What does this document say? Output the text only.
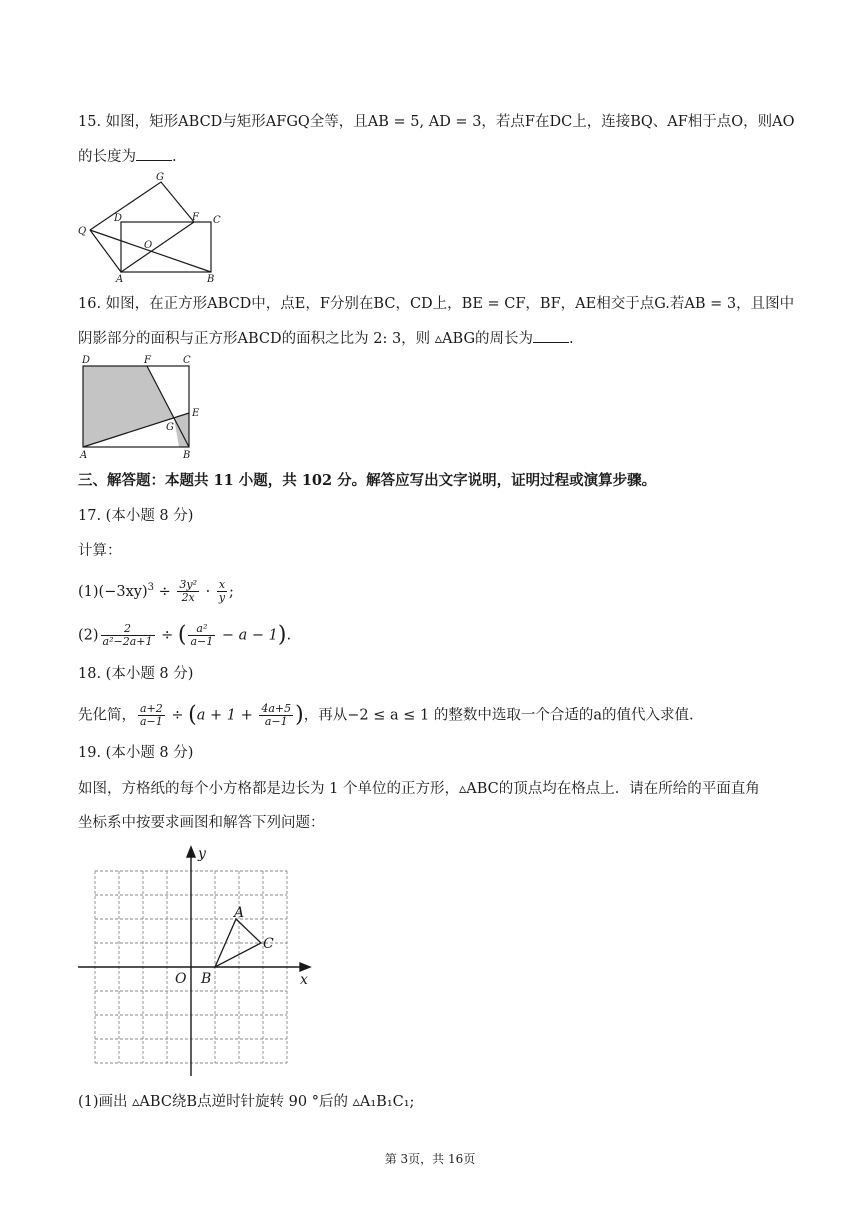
15. 如图，矩形ABCD与矩形AFGQ全等，且AB = 5, AD = 3，若点F在DC上，连接BQ、AF相于点O，则AO
的长度为 .
G
D	F C
Q
O
A	B
16. 如图，在正方形ABCD中，点E，F分别在BC，CD上，BE = CF，BF，AE相交于点G.若AB = 3，且图中
阴影部分的面积与正方形ABCD的面积之比为 2: 3，则 ▵ABG的周长为 .
D	F	C
E
G
A	B
三、解答题：本题共 11 小题，共 102 分。解答应写出文字说明，证明过程或演算步骤。
17. (本小题 8 分)
计算：
$(1)(-3xy)^3 \div \frac{\text{3y²}}{2x} \cdot \frac{x}{y}$ ;
$(2) \frac{2}{\text{a²−2a+1}}$ ÷ ( $\frac{\text{a²}}{a-1} - a - 1$).
18. (本小题 8 分)
先化简， $\frac{a+2}{a-1} \div (a + 1 + \frac{4a+5}{a-1}$ )，再从−2 ≤ a ≤ 1 的整数中选取一个合适的a的值代入求值.
19. (本小题 8 分)
如图，方格纸的每个小方格都是边长为 1 个单位的正方形，▵ABC的顶点均在格点上．请在所给的平面直角
坐标系中按要求画图和解答下列问题：
y
x
O B
A
C
(1)画出 ▵ABC绕B点逆时针旋转 90 °后的 ▵A₁B₁C₁;
第 3页，共 16页
